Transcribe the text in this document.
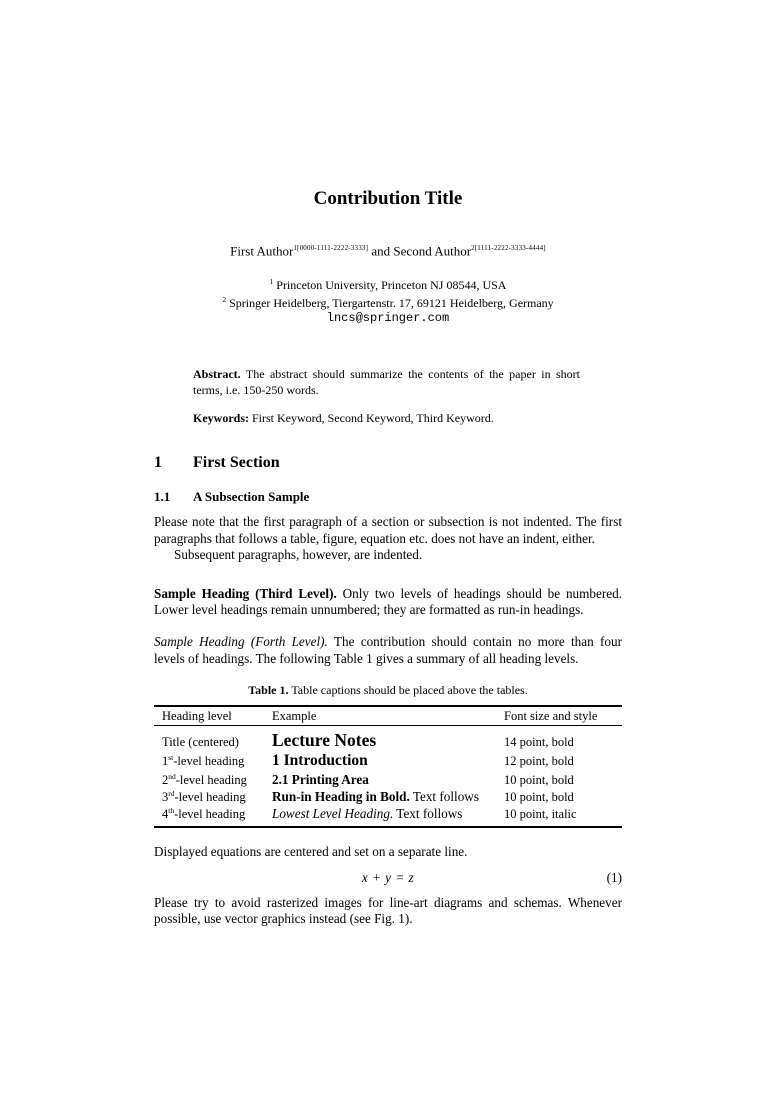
Contribution Title
First Author$^{1[0000-1111-2222-3333]}$ and Second Author$^{2[1111-2222-3333-4444]}$
$^1$ Princeton University, Princeton NJ 08544, USA
$^2$ Springer Heidelberg, Tiergartenstr. 17, 69121 Heidelberg, Germany
lncs@springer.com
Abstract. The abstract should summarize the contents of the paper in short terms, i.e. 150-250 words.
Keywords: First Keyword, Second Keyword, Third Keyword.
1	First Section
1.1	A Subsection Sample
Please note that the first paragraph of a section or subsection is not indented. The first paragraphs that follows a table, figure, equation etc. does not have an indent, either.
Subsequent paragraphs, however, are indented.
Sample Heading (Third Level). Only two levels of headings should be numbered. Lower level headings remain unnumbered; they are formatted as run-in headings.
Sample Heading (Forth Level). The contribution should contain no more than four levels of headings. The following Table 1 gives a summary of all heading levels.
Table 1. Table captions should be placed above the tables.
Heading level	Example	Font size and style
Title (centered)	Lecture Notes	14 point, bold
1st-level heading	1 Introduction	12 point, bold
2nd-level heading	2.1 Printing Area	10 point, bold
3rd-level heading	Run-in Heading in Bold. Text follows	10 point, bold
4th-level heading	Lowest Level Heading. Text follows	10 point, italic
Displayed equations are centered and set on a separate line.
x + y = z	(1)
Please try to avoid rasterized images for line-art diagrams and schemas. Whenever possible, use vector graphics instead (see Fig. 1).
